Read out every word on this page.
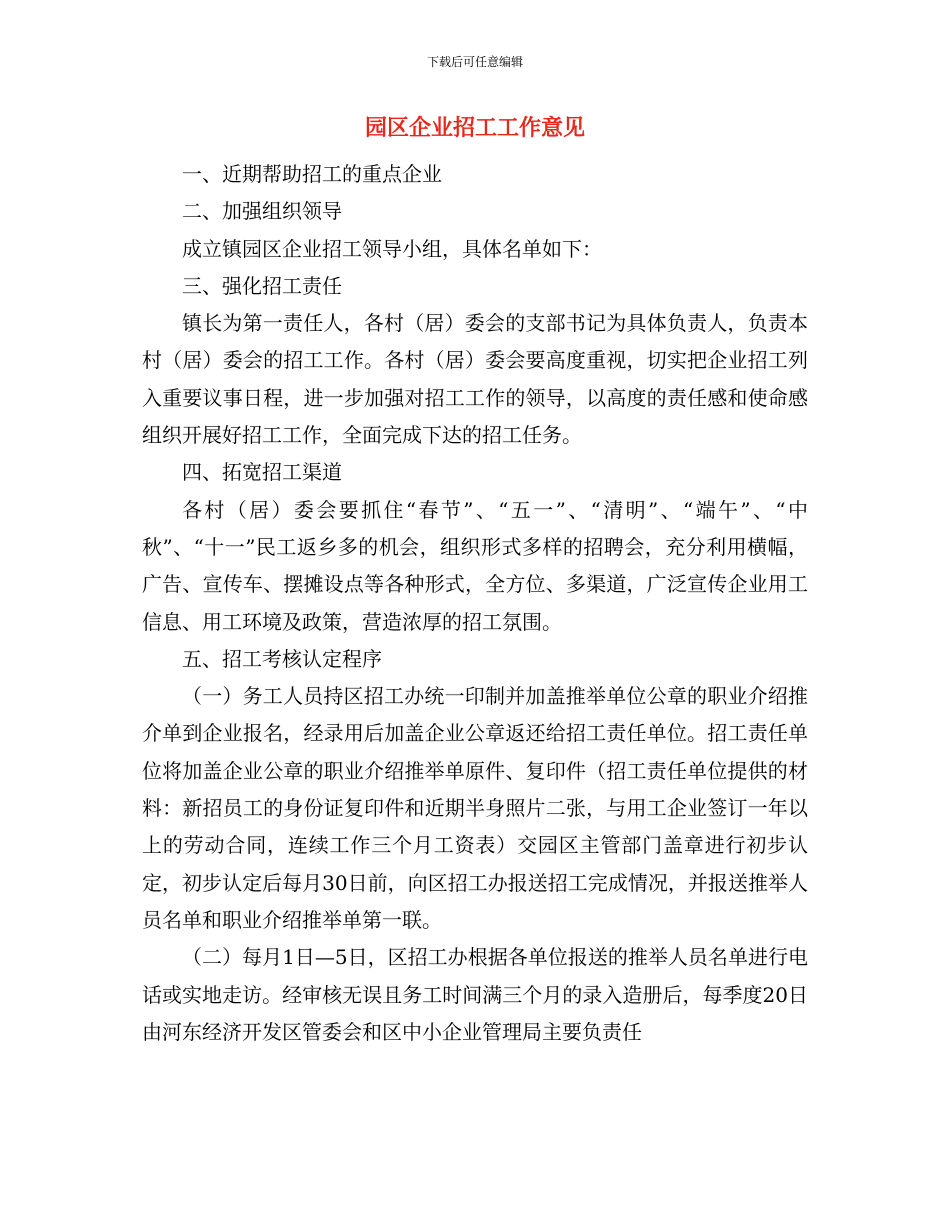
下载后可任意编辑
园区企业招工工作意见

一、近期帮助招工的重点企业

二、加强组织领导

成立镇园区企业招工领导小组，具体名单如下：

三、强化招工责任

镇长为第一责任人，各村（居）委会的支部书记为具体负责人，负责本村（居）委会的招工工作。各村（居）委会要高度重视，切实把企业招工列入重要议事日程，进一步加强对招工工作的领导，以高度的责任感和使命感组织开展好招工工作，全面完成下达的招工任务。

四、拓宽招工渠道

各村（居）委会要抓住“春节”、“五一”、“清明”、“端午”、“中秋”、“十一”民工返乡多的机会，组织形式多样的招聘会，充分利用横幅，广告、宣传车、摆摊设点等各种形式，全方位、多渠道，广泛宣传企业用工信息、用工环境及政策，营造浓厚的招工氛围。

五、招工考核认定程序

（一）务工人员持区招工办统一印制并加盖推举单位公章的职业介绍推介单到企业报名，经录用后加盖企业公章返还给招工责任单位。招工责任单位将加盖企业公章的职业介绍推举单原件、复印件（招工责任单位提供的材料：新招员工的身份证复印件和近期半身照片二张，与用工企业签订一年以上的劳动合同，连续工作三个月工资表）交园区主管部门盖章进行初步认定，初步认定后每月30日前，向区招工办报送招工完成情况，并报送推举人员名单和职业介绍推举单第一联。

（二）每月1日—5日，区招工办根据各单位报送的推举人员名单进行电话或实地走访。经审核无误且务工时间满三个月的录入造册后，每季度20日由河东经济开发区管委会和区中小企业管理局主要负责任
